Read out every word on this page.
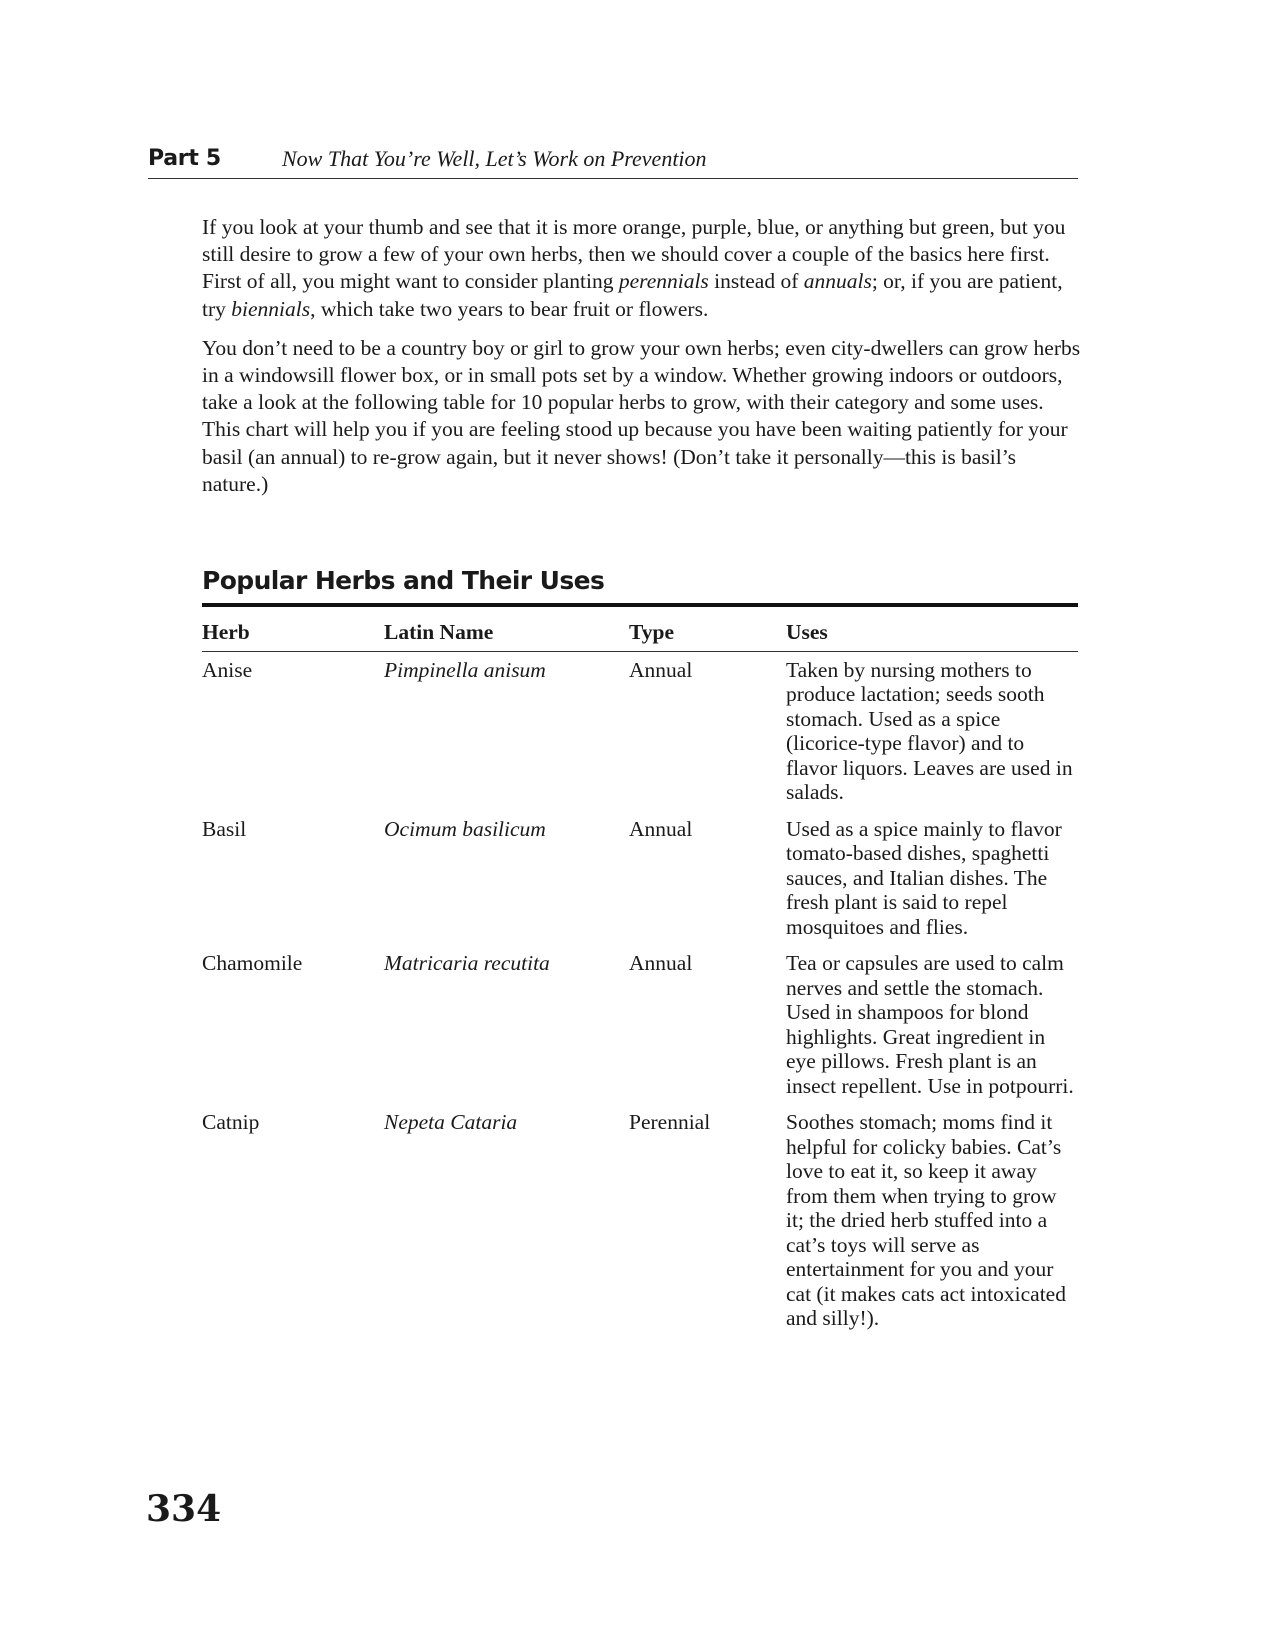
Part 5	Now That You’re Well, Let’s Work on Prevention

If you look at your thumb and see that it is more orange, purple, blue, or anything but green, but you still desire to grow a few of your own herbs, then we should cover a couple of the basics here first. First of all, you might want to consider planting perennials instead of annuals; or, if you are patient, try biennials, which take two years to bear fruit or flowers.

You don’t need to be a country boy or girl to grow your own herbs; even city-dwellers can grow herbs in a windowsill flower box, or in small pots set by a window. Whether growing indoors or outdoors, take a look at the following table for 10 popular herbs to grow, with their category and some uses. This chart will help you if you are feeling stood up because you have been waiting patiently for your basil (an annual) to re-grow again, but it never shows! (Don’t take it personally—this is basil’s nature.)

Popular Herbs and Their Uses
Herb	Latin Name	Type	Uses
Anise	Pimpinella anisum	Annual	Taken by nursing mothers to produce lactation; seeds sooth stomach. Used as a spice (licorice-type flavor) and to flavor liquors. Leaves are used in salads.
Basil	Ocimum basilicum	Annual	Used as a spice mainly to flavor tomato-based dishes, spaghetti sauces, and Italian dishes. The fresh plant is said to repel mosquitoes and flies.
Chamomile	Matricaria recutita	Annual	Tea or capsules are used to calm nerves and settle the stomach. Used in shampoos for blond highlights. Great ingredient in eye pillows. Fresh plant is an insect repellent. Use in potpourri.
Catnip	Nepeta Cataria	Perennial	Soothes stomach; moms find it helpful for colicky babies. Cat’s love to eat it, so keep it away from them when trying to grow it; the dried herb stuffed into a cat’s toys will serve as entertainment for you and your cat (it makes cats act intoxicated and silly!).
334
